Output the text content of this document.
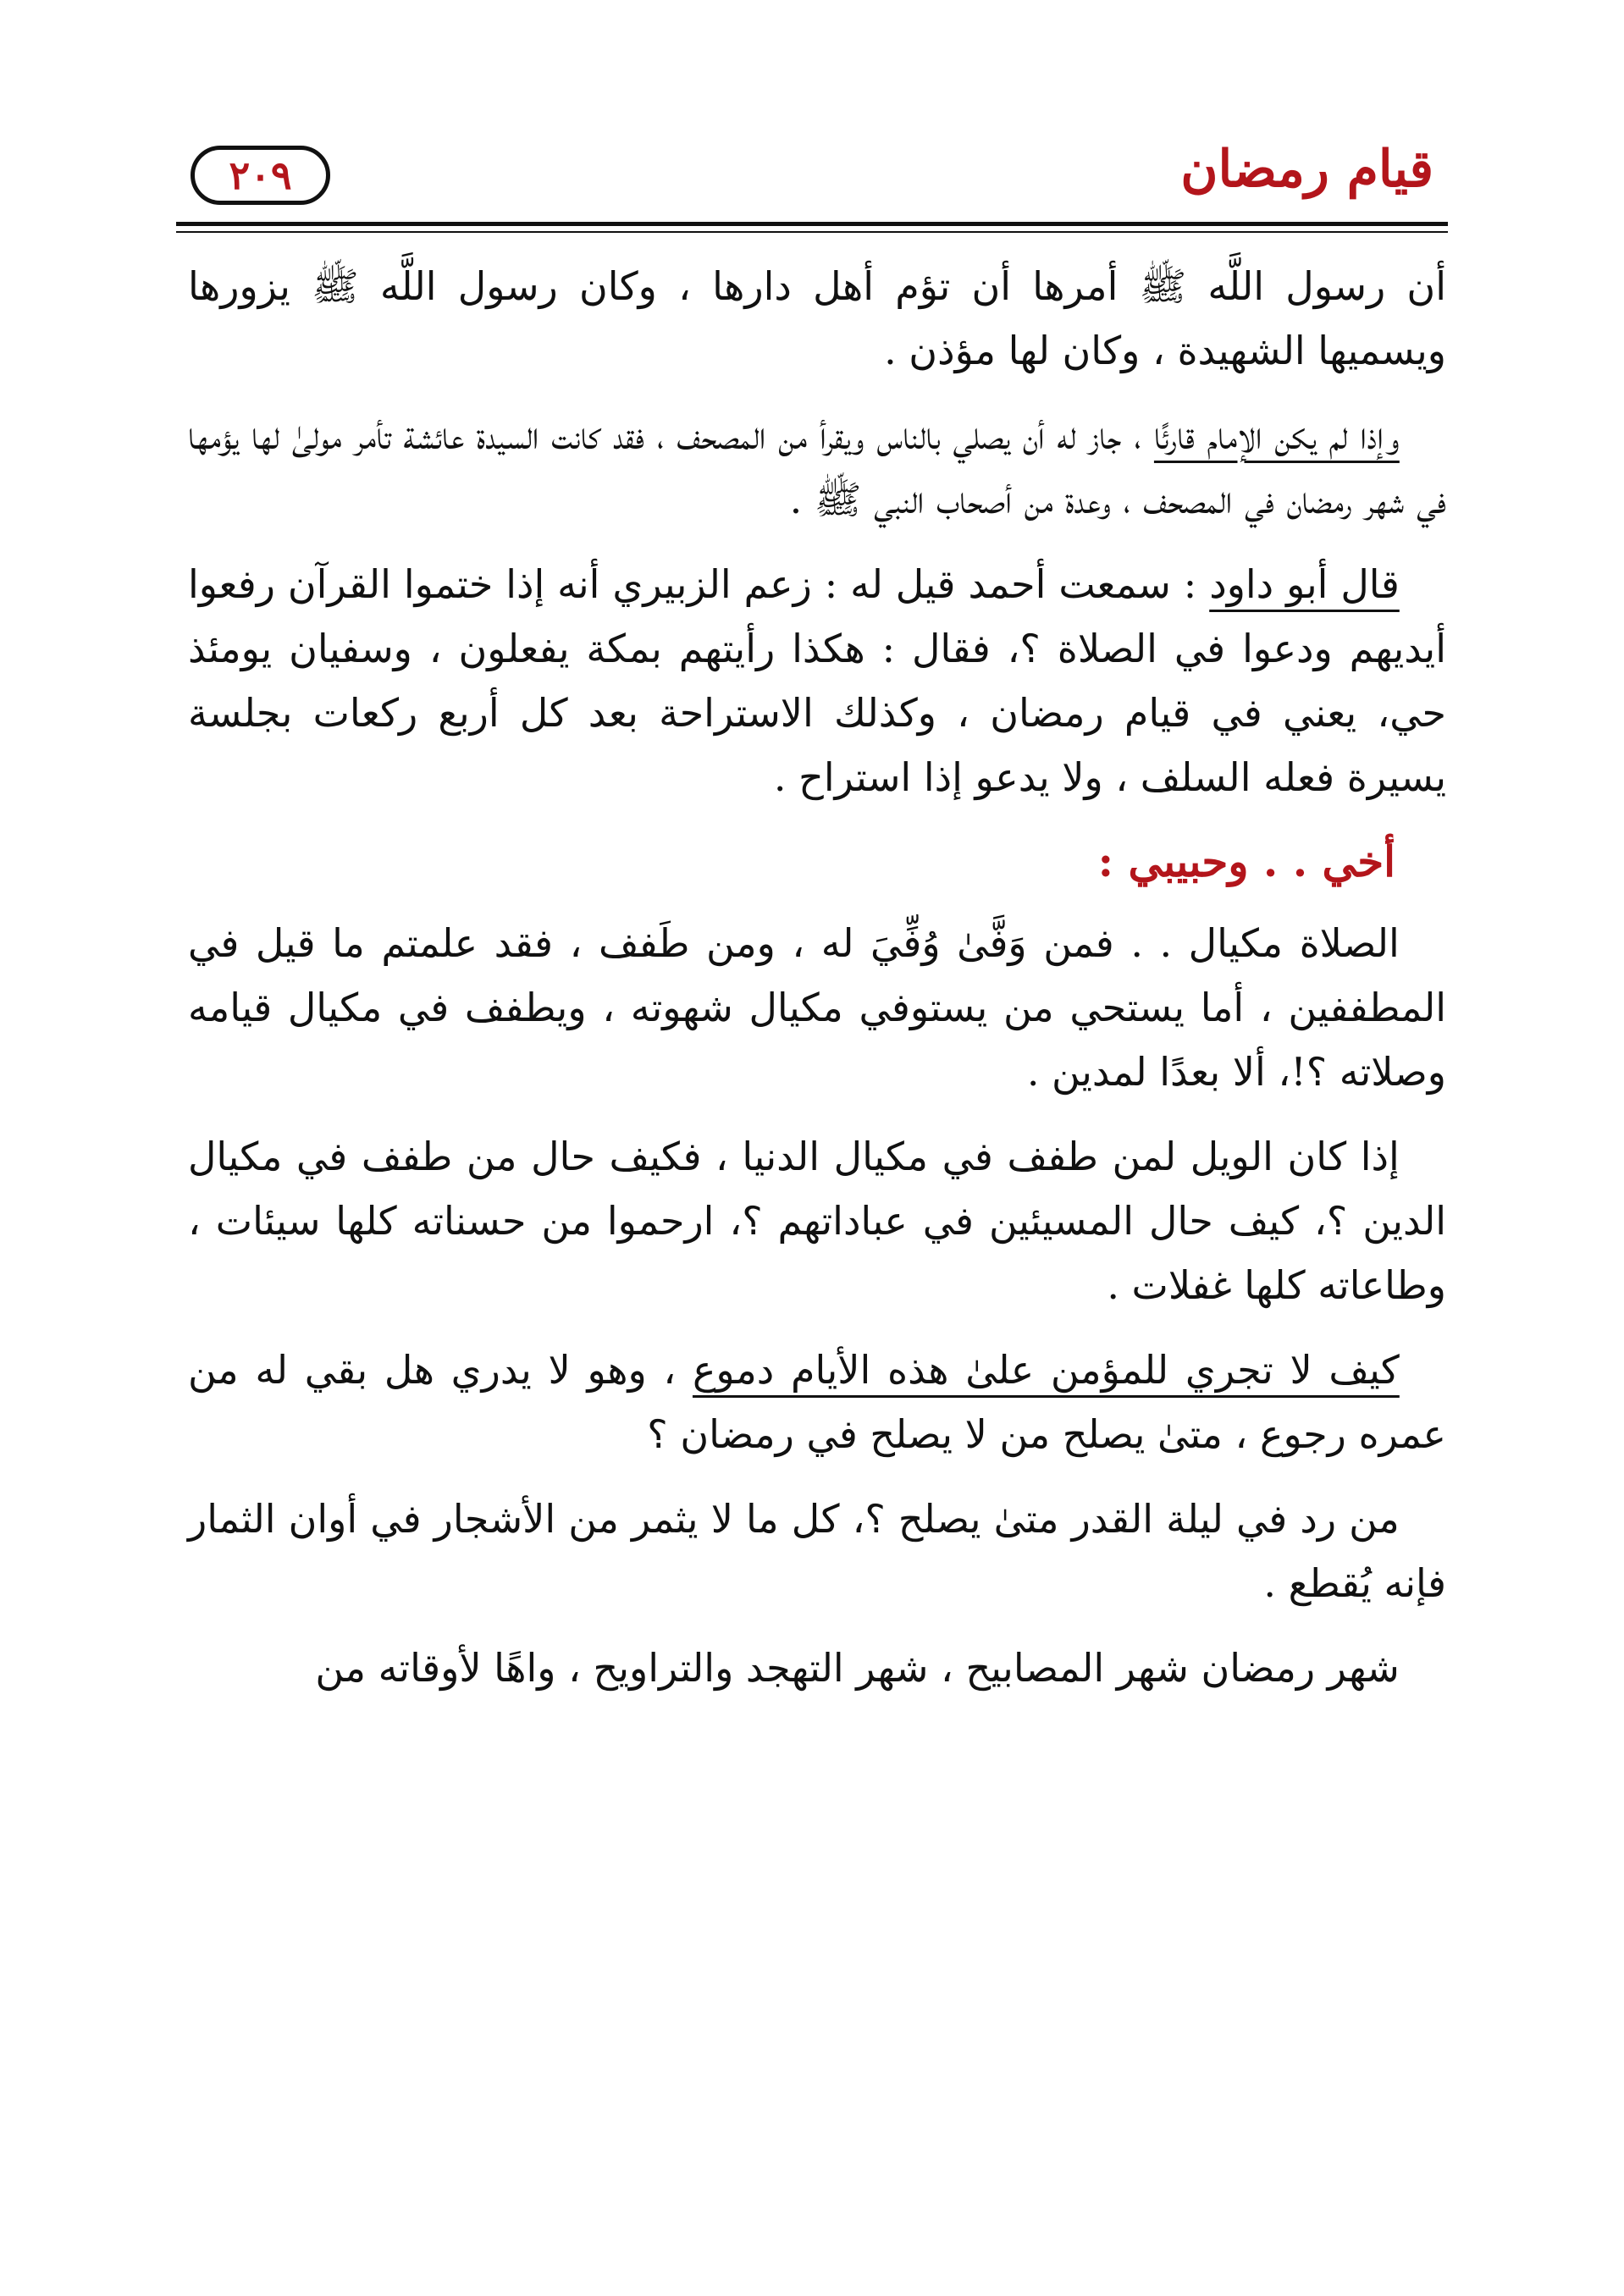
قيام رمضان
٢٠٩

أن رسول اللَّه ﷺ أمرها أن تؤم أهل دارها ، وكان رسول اللَّه ﷺ يزورها ويسميها الشهيدة ، وكان لها مؤذن .

وإذا لم يكن الإمام قارئًا ، جاز له أن يصلي بالناس ويقرأ من المصحف ، فقد كانت السيدة عائشة تأمر مولىٰ لها يؤمها في شهر رمضان في المصحف ، وعدة من أصحاب النبي ﷺ .

قال أبو داود : سمعت أحمد قيل له : زعم الزبيري أنه إذا ختموا القرآن رفعوا أيديهم ودعوا في الصلاة ؟، فقال : هكذا رأيتهم بمكة يفعلون ، وسفيان يومئذ حي، يعني في قيام رمضان ، وكذلك الاستراحة بعد كل أربع ركعات بجلسة يسيرة فعله السلف ، ولا يدعو إذا استراح .

أخي . . وحبيبي :

الصلاة مكيال . . فمن وَفَّىٰ وُفِّيَ له ، ومن طَفف ، فقد علمتم ما قيل في المطففين ، أما يستحي من يستوفي مكيال شهوته ، ويطفف في مكيال قيامه وصلاته ؟!، ألا بعدًا لمدين .

إذا كان الويل لمن طفف في مكيال الدنيا ، فكيف حال من طفف في مكيال الدين ؟، كيف حال المسيئين في عباداتهم ؟، ارحموا من حسناته كلها سيئات ، وطاعاته كلها غفلات .

كيف لا تجري للمؤمن علىٰ هذه الأيام دموع ، وهو لا يدري هل بقي له من عمره رجوع ، متىٰ يصلح من لا يصلح في رمضان ؟

من رد في ليلة القدر متىٰ يصلح ؟، كل ما لا يثمر من الأشجار في أوان الثمار فإنه يُقطع .

شهر رمضان شهر المصابيح ، شهر التهجد والتراويح ، واهًا لأوقاته من
